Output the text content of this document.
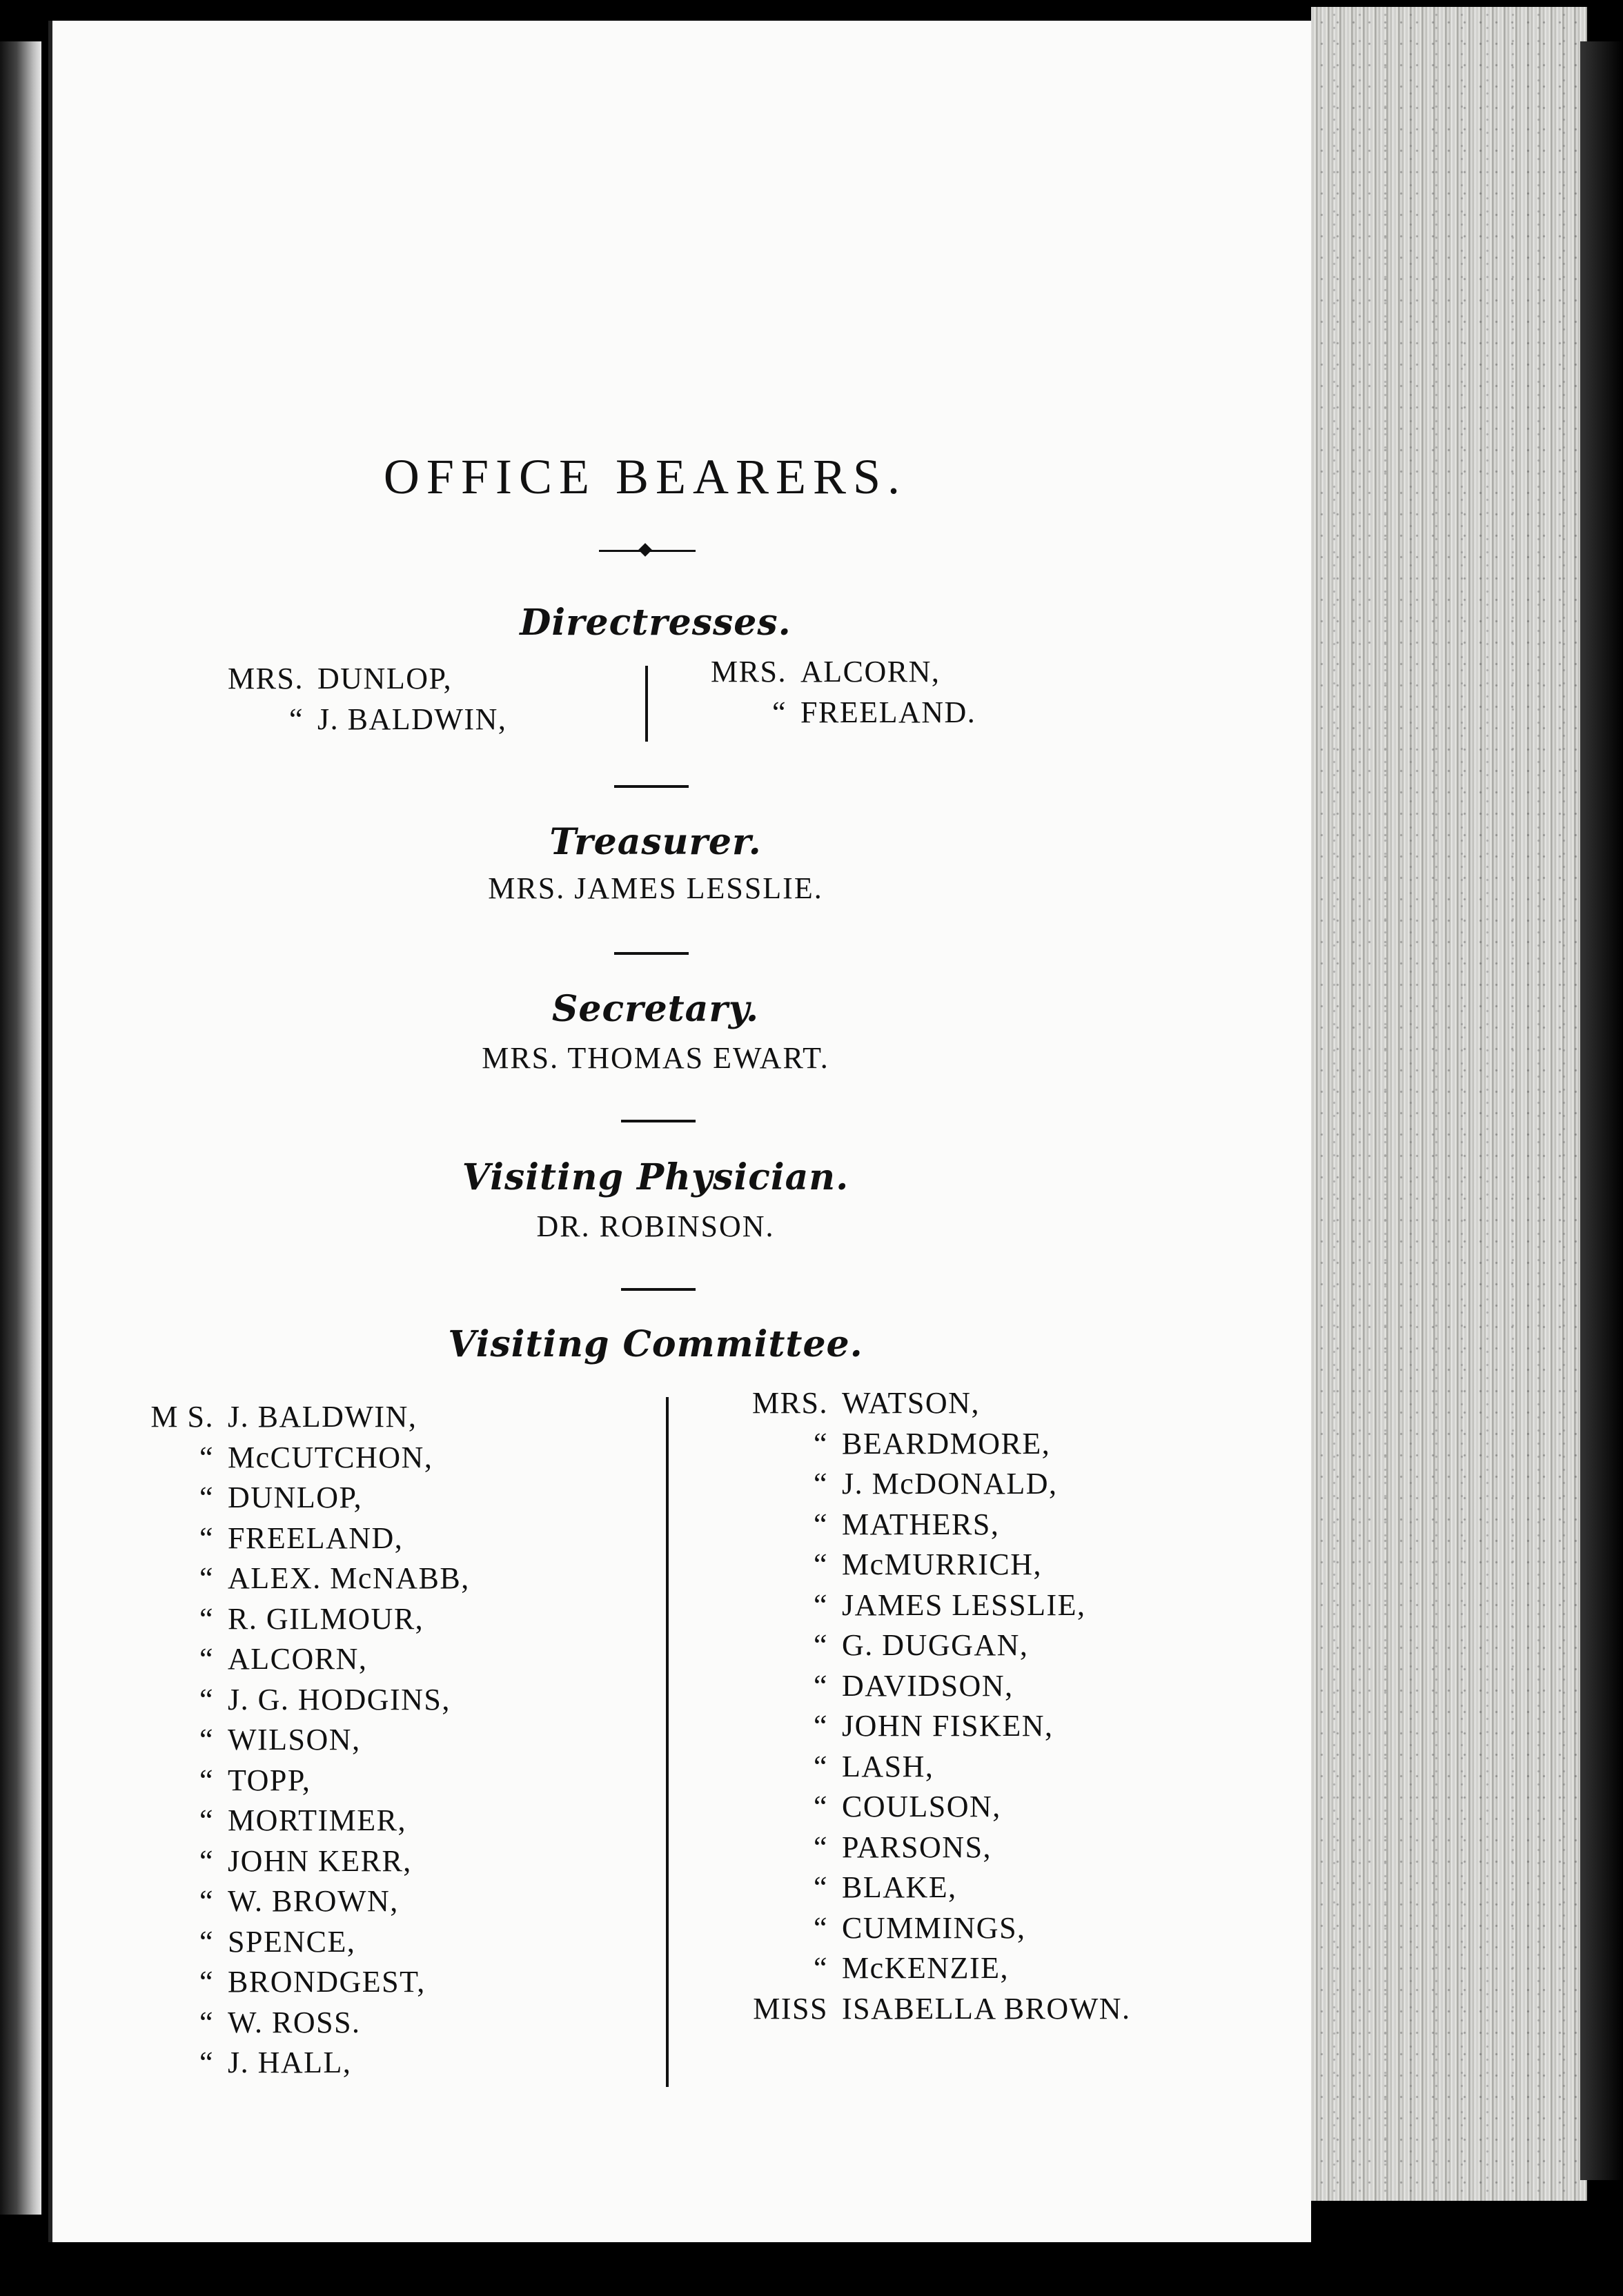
OFFICE BEARERS.
Directresses.
MRS. DUNLOP,
“ J. BALDWIN,
MRS. ALCORN,
“ FREELAND.
Treasurer.
MRS. JAMES LESSLIE.
Secretary.
MRS. THOMAS EWART.
Visiting Physician.
DR. ROBINSON.
Visiting Committee.
M S. J. BALDWIN,
“ McCUTCHON,
“ DUNLOP,
“ FREELAND,
“ ALEX. McNABB,
“ R. GILMOUR,
“ ALCORN,
“ J. G. HODGINS,
“ WILSON,
“ TOPP,
“ MORTIMER,
“ JOHN KERR,
“ W. BROWN,
“ SPENCE,
“ BRONDGEST,
“ W. ROSS.
“ J. HALL,
MRS. WATSON,
“ BEARDMORE,
“ J. McDONALD,
“ MATHERS,
“ McMURRICH,
“ JAMES LESSLIE,
“ G. DUGGAN,
“ DAVIDSON,
“ JOHN FISKEN,
“ LASH,
“ COULSON,
“ PARSONS,
“ BLAKE,
“ CUMMINGS,
“ McKENZIE,
MISS ISABELLA BROWN.
